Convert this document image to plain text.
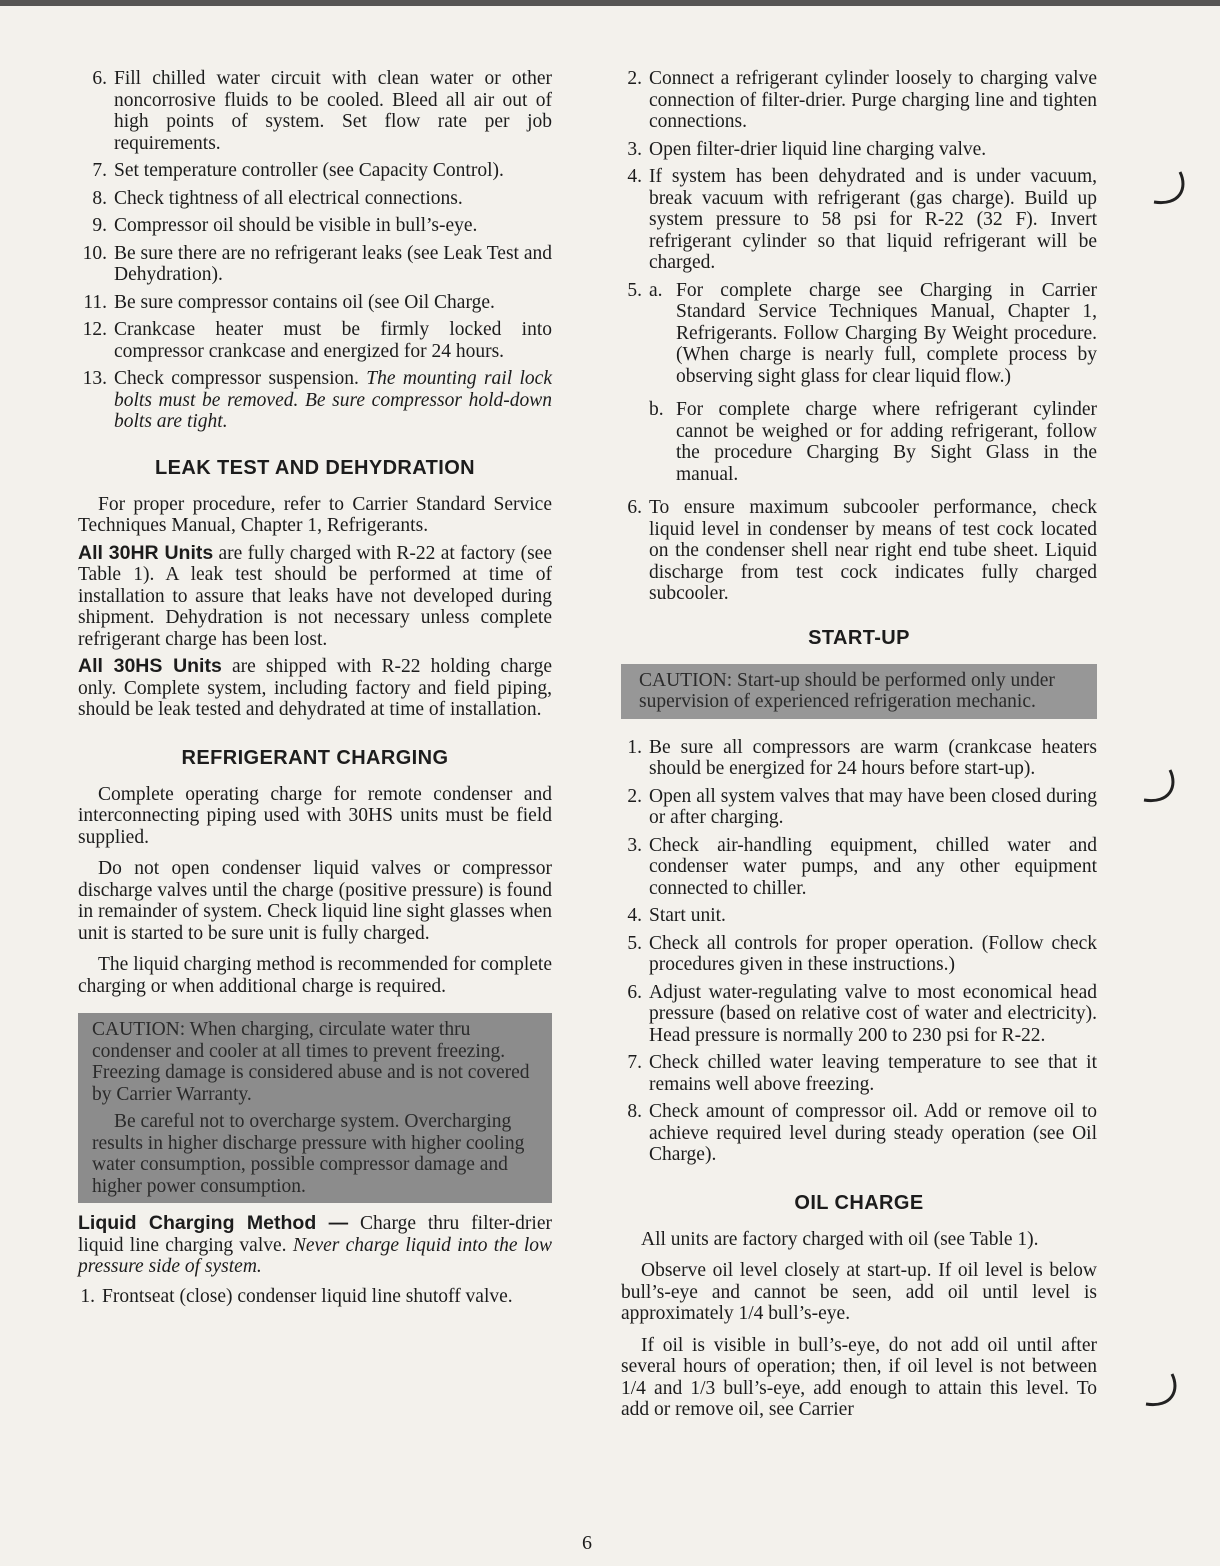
6. Fill chilled water circuit with clean water or other noncorrosive fluids to be cooled. Bleed all air out of high points of system. Set flow rate per job requirements.
7. Set temperature controller (see Capacity Control).
8. Check tightness of all electrical connections.
9. Compressor oil should be visible in bull’s-eye.
10. Be sure there are no refrigerant leaks (see Leak Test and Dehydration).
11. Be sure compressor contains oil (see Oil Charge.
12. Crankcase heater must be firmly locked into compressor crankcase and energized for 24 hours.
13. Check compressor suspension. The mounting rail lock bolts must be removed. Be sure compressor hold-down bolts are tight.
LEAK TEST AND DEHYDRATION
For proper procedure, refer to Carrier Standard Service Techniques Manual, Chapter 1, Refrigerants.
All 30HR Units are fully charged with R-22 at factory (see Table 1). A leak test should be performed at time of installation to assure that leaks have not developed during shipment. Dehydration is not necessary unless complete refrigerant charge has been lost.
All 30HS Units are shipped with R-22 holding charge only. Complete system, including factory and field piping, should be leak tested and dehydrated at time of installation.
REFRIGERANT CHARGING
Complete operating charge for remote condenser and interconnecting piping used with 30HS units must be field supplied.
Do not open condenser liquid valves or compressor discharge valves until the charge (positive pressure) is found in remainder of system. Check liquid line sight glasses when unit is started to be sure unit is fully charged.
The liquid charging method is recommended for complete charging or when additional charge is required.

CAUTION: When charging, circulate water thru condenser and cooler at all times to prevent freezing. Freezing damage is considered abuse and is not covered by Carrier Warranty.

Be careful not to overcharge system. Overcharging results in higher discharge pressure with higher cooling water consumption, possible compressor damage and higher power consumption.

Liquid Charging Method — Charge thru filter-drier liquid line charging valve. Never charge liquid into the low pressure side of system.
1. Frontseat (close) condenser liquid line shutoff valve.
2. Connect a refrigerant cylinder loosely to charging valve connection of filter-drier. Purge charging line and tighten connections.
3. Open filter-drier liquid line charging valve.
4. If system has been dehydrated and is under vacuum, break vacuum with refrigerant (gas charge). Build up system pressure to 58 psi for R-22 (32 F). Invert refrigerant cylinder so that liquid refrigerant will be charged.
5. a. For complete charge see Charging in Carrier Standard Service Techniques Manual, Chapter 1, Refrigerants. Follow Charging By Weight procedure. (When charge is nearly full, complete process by observing sight glass for clear liquid flow.)
b. For complete charge where refrigerant cylinder cannot be weighed or for adding refrigerant, follow the procedure Charging By Sight Glass in the manual.
6. To ensure maximum subcooler performance, check liquid level in condenser by means of test cock located on the condenser shell near right end tube sheet. Liquid discharge from test cock indicates fully charged subcooler.
START-UP

CAUTION: Start-up should be performed only under supervision of experienced refrigeration mechanic.

1. Be sure all compressors are warm (crankcase heaters should be energized for 24 hours before start-up).
2. Open all system valves that may have been closed during or after charging.
3. Check air-handling equipment, chilled water and condenser water pumps, and any other equipment connected to chiller.
4. Start unit.
5. Check all controls for proper operation. (Follow check procedures given in these instructions.)
6. Adjust water-regulating valve to most economical head pressure (based on relative cost of water and electricity). Head pressure is normally 200 to 230 psi for R-22.
7. Check chilled water leaving temperature to see that it remains well above freezing.
8. Check amount of compressor oil. Add or remove oil to achieve required level during steady operation (see Oil Charge).
OIL CHARGE
All units are factory charged with oil (see Table 1).
Observe oil level closely at start-up. If oil level is below bull’s-eye and cannot be seen, add oil until level is approximately 1/4 bull’s-eye.
If oil is visible in bull’s-eye, do not add oil until after several hours of operation; then, if oil level is not between 1/4 and 1/3 bull’s-eye, add enough to attain this level. To add or remove oil, see Carrier
6
